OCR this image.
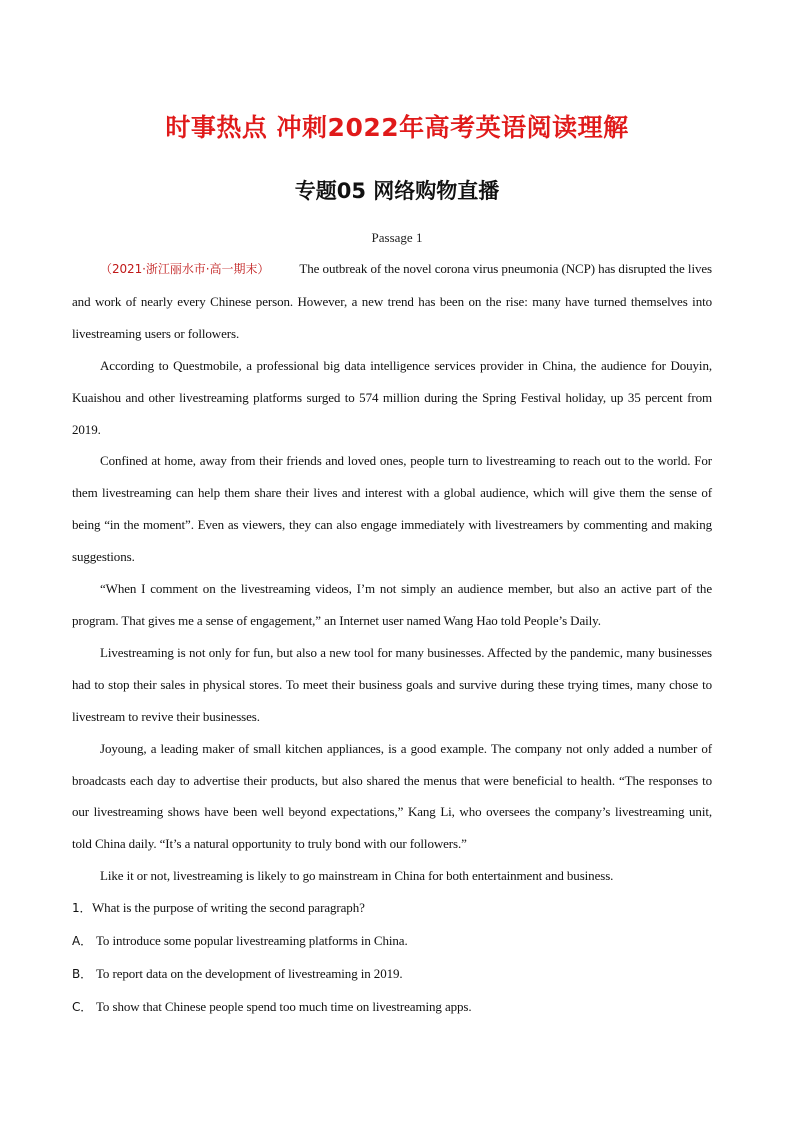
时事热点 冲刺2022年高考英语阅读理解
专题05 网络购物直播
Passage 1

（2021·浙江丽水市·高一期末） The outbreak of the novel corona virus pneumonia (NCP) has disrupted the lives and work of nearly every Chinese person. However, a new trend has been on the rise: many have turned themselves into livestreaming users or followers.

According to Questmobile, a professional big data intelligence services provider in China, the audience for Douyin, Kuaishou and other livestreaming platforms surged to 574 million during the Spring Festival holiday, up 35 percent from 2019.

Confined at home, away from their friends and loved ones, people turn to livestreaming to reach out to the world. For them livestreaming can help them share their lives and interest with a global audience, which will give them the sense of being “in the moment”. Even as viewers, they can also engage immediately with livestreamers by commenting and making suggestions.

“When I comment on the livestreaming videos, I’m not simply an audience member, but also an active part of the program. That gives me a sense of engagement,” an Internet user named Wang Hao told People’s Daily.

Livestreaming is not only for fun, but also a new tool for many businesses. Affected by the pandemic, many businesses had to stop their sales in physical stores. To meet their business goals and survive during these trying times, many chose to livestream to revive their businesses.

Joyoung, a leading maker of small kitchen appliances, is a good example. The company not only added a number of broadcasts each day to advertise their products, but also shared the menus that were beneficial to health. “The responses to our livestreaming shows have been well beyond expectations,” Kang Li, who oversees the company’s livestreaming unit, told China daily. “It’s a natural opportunity to truly bond with our followers.”

Like it or not, livestreaming is likely to go mainstream in China for both entertainment and business.

1．What is the purpose of writing the second paragraph?

A． To introduce some popular livestreaming platforms in China.

B． To report data on the development of livestreaming in 2019.

C． To show that Chinese people spend too much time on livestreaming apps.
